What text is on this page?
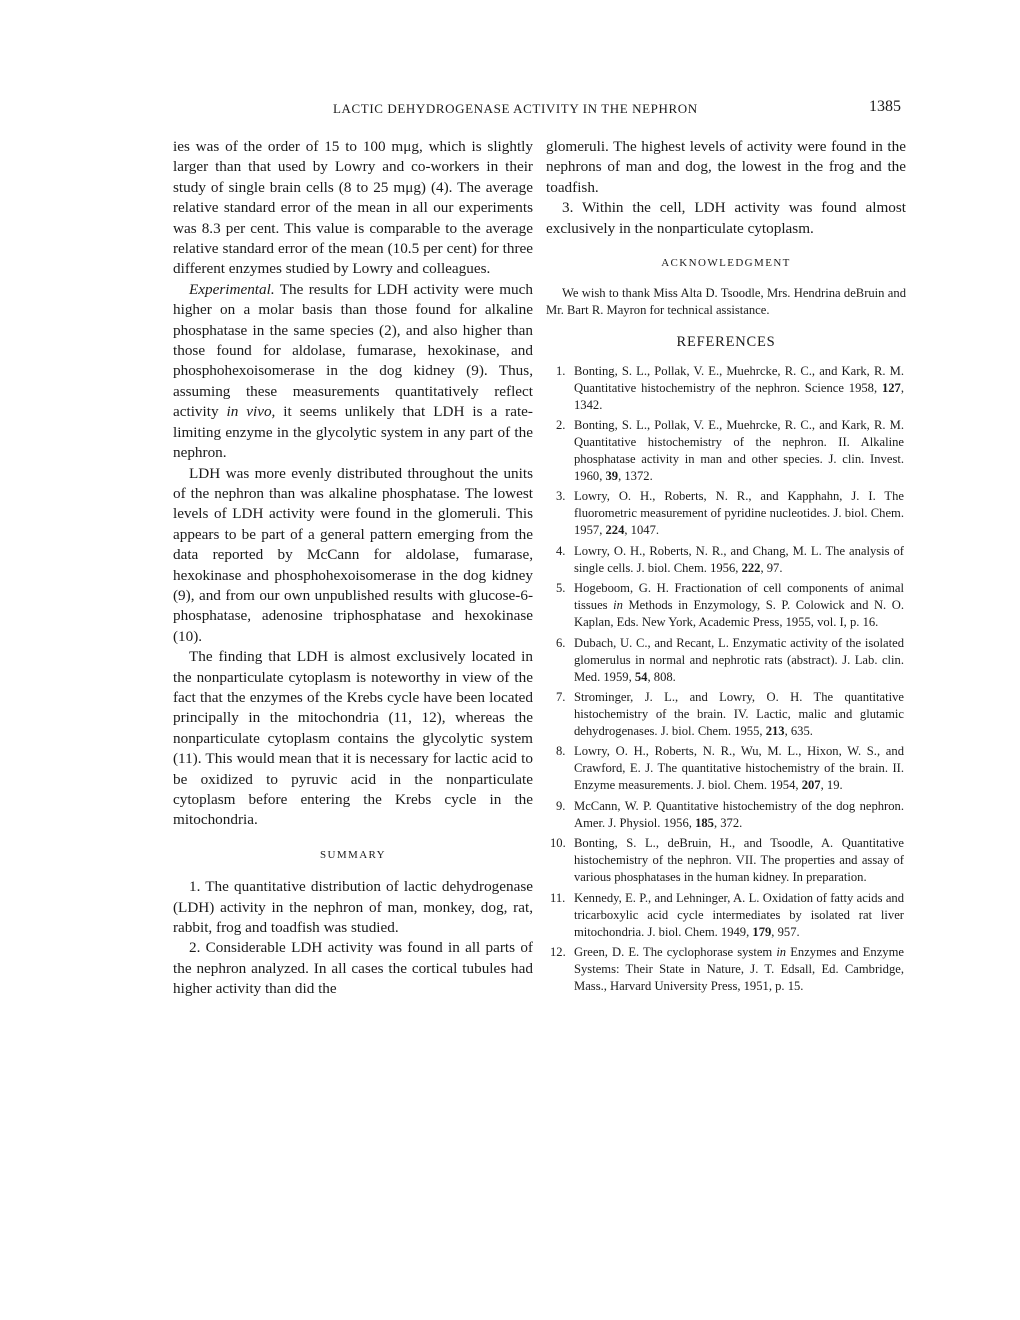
LACTIC DEHYDROGENASE ACTIVITY IN THE NEPHRON	1385

ies was of the order of 15 to 100 mμg, which is slightly larger than that used by Lowry and co-workers in their study of single brain cells (8 to 25 mμg) (4). The average relative standard error of the mean in all our experiments was 8.3 per cent. This value is comparable to the average relative standard error of the mean (10.5 per cent) for three different enzymes studied by Lowry and colleagues.

Experimental. The results for LDH activity were much higher on a molar basis than those found for alkaline phosphatase in the same species (2), and also higher than those found for aldolase, fumarase, hexokinase, and phosphohexoisomerase in the dog kidney (9). Thus, assuming these measurements quantitatively reflect activity in vivo, it seems unlikely that LDH is a rate-limiting enzyme in the glycolytic system in any part of the nephron.

LDH was more evenly distributed throughout the units of the nephron than was alkaline phosphatase. The lowest levels of LDH activity were found in the glomeruli. This appears to be part of a general pattern emerging from the data reported by McCann for aldolase, fumarase, hexokinase and phosphohexoisomerase in the dog kidney (9), and from our own unpublished results with glucose-6-phosphatase, adenosine triphosphatase and hexokinase (10).

The finding that LDH is almost exclusively located in the nonparticulate cytoplasm is noteworthy in view of the fact that the enzymes of the Krebs cycle have been located principally in the mitochondria (11, 12), whereas the nonparticulate cytoplasm contains the glycolytic system (11). This would mean that it is necessary for lactic acid to be oxidized to pyruvic acid in the nonparticulate cytoplasm before entering the Krebs cycle in the mitochondria.

SUMMARY

1. The quantitative distribution of lactic dehydrogenase (LDH) activity in the nephron of man, monkey, dog, rat, rabbit, frog and toadfish was studied.

2. Considerable LDH activity was found in all parts of the nephron analyzed. In all cases the cortical tubules had higher activity than did the

glomeruli. The highest levels of activity were found in the nephrons of man and dog, the lowest in the frog and the toadfish.

3. Within the cell, LDH activity was found almost exclusively in the nonparticulate cytoplasm.

ACKNOWLEDGMENT

We wish to thank Miss Alta D. Tsoodle, Mrs. Hendrina deBruin and Mr. Bart R. Mayron for technical assistance.

REFERENCES
1. Bonting, S. L., Pollak, V. E., Muehrcke, R. C., and Kark, R. M. Quantitative histochemistry of the nephron. Science 1958, 127, 1342.
2. Bonting, S. L., Pollak, V. E., Muehrcke, R. C., and Kark, R. M. Quantitative histochemistry of the nephron. II. Alkaline phosphatase activity in man and other species. J. clin. Invest. 1960, 39, 1372.
3. Lowry, O. H., Roberts, N. R., and Kapphahn, J. I. The fluorometric measurement of pyridine nucleotides. J. biol. Chem. 1957, 224, 1047.
4. Lowry, O. H., Roberts, N. R., and Chang, M. L. The analysis of single cells. J. biol. Chem. 1956, 222, 97.
5. Hogeboom, G. H. Fractionation of cell components of animal tissues in Methods in Enzymology, S. P. Colowick and N. O. Kaplan, Eds. New York, Academic Press, 1955, vol. I, p. 16.
6. Dubach, U. C., and Recant, L. Enzymatic activity of the isolated glomerulus in normal and nephrotic rats (abstract). J. Lab. clin. Med. 1959, 54, 808.
7. Strominger, J. L., and Lowry, O. H. The quantitative histochemistry of the brain. IV. Lactic, malic and glutamic dehydrogenases. J. biol. Chem. 1955, 213, 635.
8. Lowry, O. H., Roberts, N. R., Wu, M. L., Hixon, W. S., and Crawford, E. J. The quantitative histochemistry of the brain. II. Enzyme measurements. J. biol. Chem. 1954, 207, 19.
9. McCann, W. P. Quantitative histochemistry of the dog nephron. Amer. J. Physiol. 1956, 185, 372.
10. Bonting, S. L., deBruin, H., and Tsoodle, A. Quantitative histochemistry of the nephron. VII. The properties and assay of various phosphatases in the human kidney. In preparation.
11. Kennedy, E. P., and Lehninger, A. L. Oxidation of fatty acids and tricarboxylic acid cycle intermediates by isolated rat liver mitochondria. J. biol. Chem. 1949, 179, 957.
12. Green, D. E. The cyclophorase system in Enzymes and Enzyme Systems: Their State in Nature, J. T. Edsall, Ed. Cambridge, Mass., Harvard University Press, 1951, p. 15.
